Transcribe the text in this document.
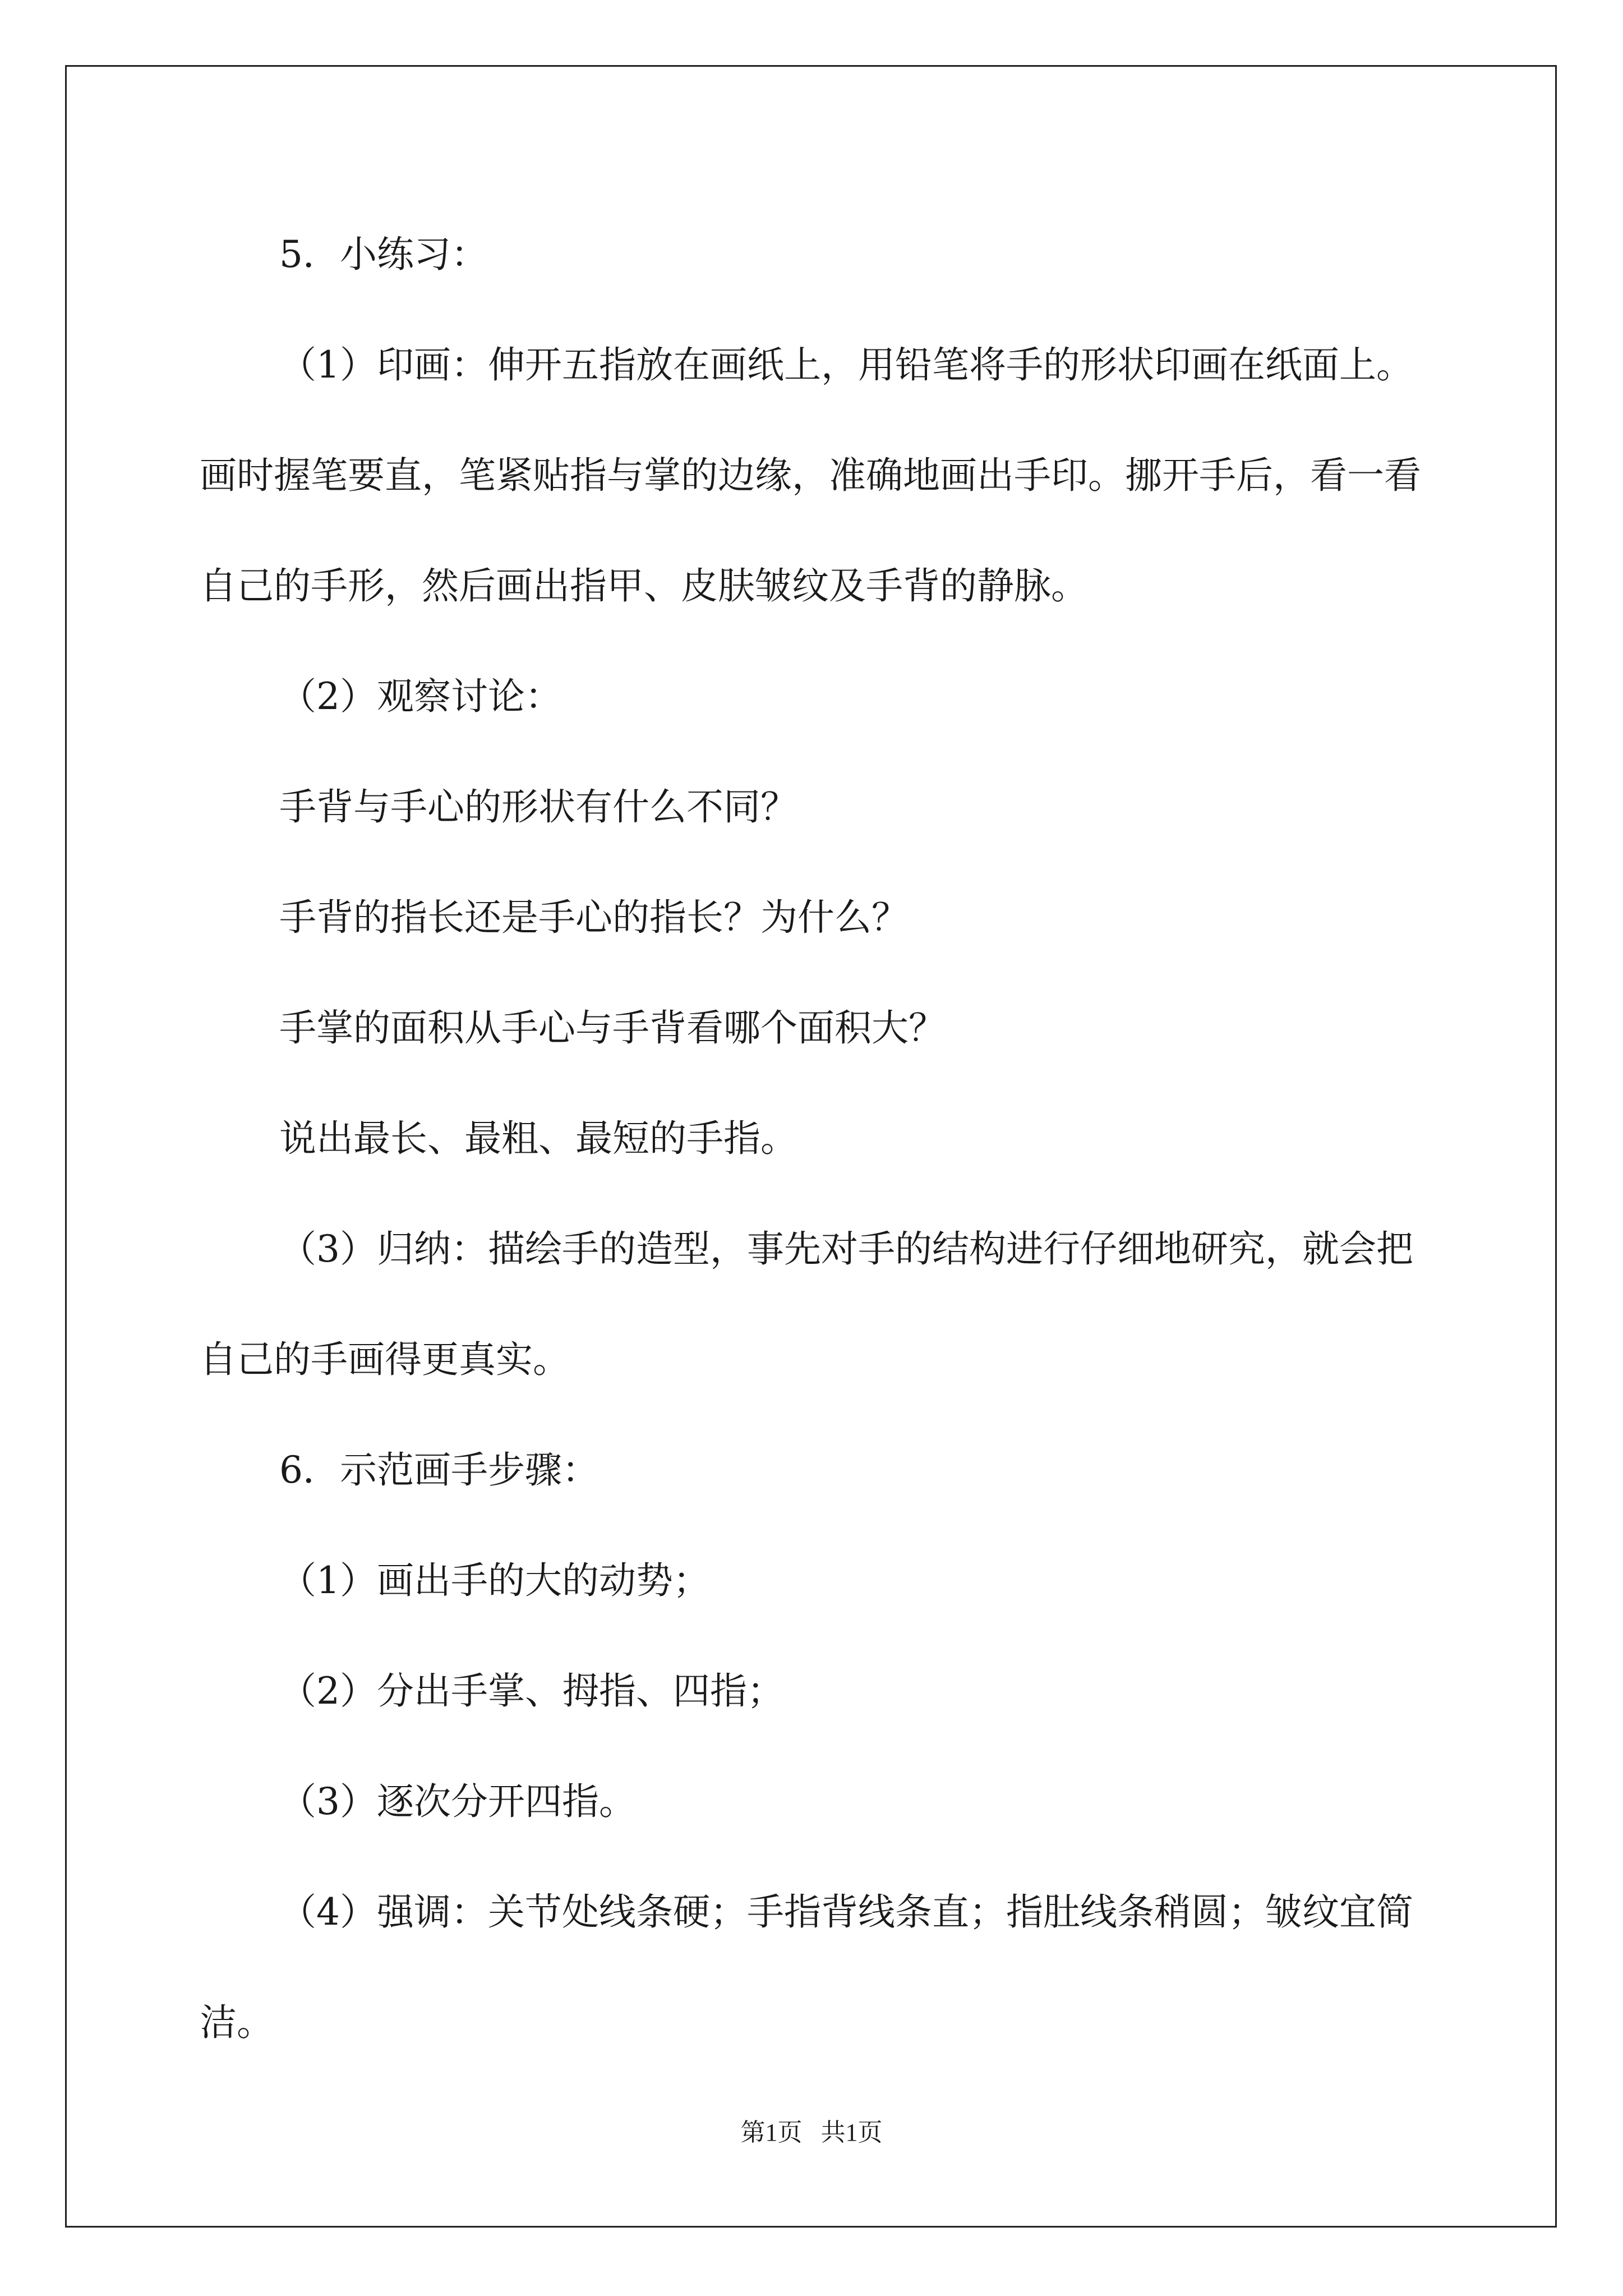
5．小练习：

（1）印画：伸开五指放在画纸上，用铅笔将手的形状印画在纸面上。画时握笔要直，笔紧贴指与掌的边缘，准确地画出手印。挪开手后，看一看自己的手形，然后画出指甲、皮肤皱纹及手背的静脉。

（2）观察讨论：

手背与手心的形状有什么不同？

手背的指长还是手心的指长？为什么？

手掌的面积从手心与手背看哪个面积大？

说出最长、最粗、最短的手指。

（3）归纳：描绘手的造型，事先对手的结构进行仔细地研究，就会把自己的手画得更真实。

6．示范画手步骤：

（1）画出手的大的动势；

（2）分出手掌、拇指、四指；

（3）逐次分开四指。

（4）强调：关节处线条硬；手指背线条直；指肚线条稍圆；皱纹宜简洁。

第1页 共1页
